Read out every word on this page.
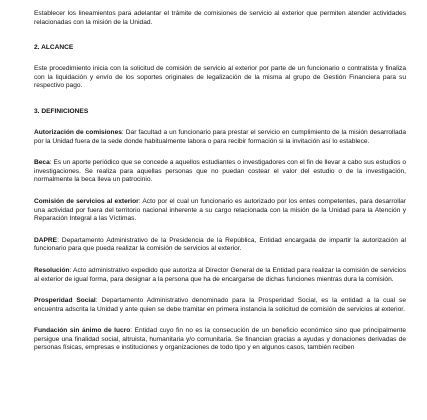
Establecer los lineamientos para adelantar el trámite de comisiones de servicio al exterior que permiten atender actividades relacionadas con la misión de la Unidad.

2. ALCANCE

Este procedimiento inicia con la solicitud de comisión de servicio al exterior por parte de un funcionario o contratista y finaliza con la liquidación y envío de los soportes originales de legalización de la misma al grupo de Gestión Financiera para su respectivo pago.

3. DEFINICIONES

Autorización de comisiones: Dar facultad a un funcionario para prestar el servicio en cumplimiento de la misión desarrollada por la Unidad fuera de la sede donde habitualmente labora o para recibir formación si la invitación así lo establece.

Beca: Es un aporte periódico que se concede a aquellos estudiantes o investigadores con el fin de llevar a cabo sus estudios o investigaciones. Se realiza para aquellas personas que no puedan costear el valor del estudio o de la investigación, normalmente la beca lleva un patrocinio.

Comisión de servicios al exterior: Acto por el cual un funcionario es autorizado por los entes competentes, para desarrollar una actividad por fuera del territorio nacional inherente a su cargo relacionada con la misión de la Unidad para la Atención y Reparación Integral a las Víctimas.

DAPRE: Departamento Administrativo de la Presidencia de la República, Entidad encargada de impartir la autorización al funcionario para que pueda realizar la comisión de servicios al exterior.

Resolución: Acto administrativo expedido que autoriza al Director General de la Entidad para realizar la comisión de servicios al exterior de igual forma, para designar a la persona que ha de encargarse de dichas funciones mientras dura la comisión.

Prosperidad Social: Departamento Administrativo denominado para la Prosperidad Social, es la entidad a la cual se encuentra adscrita la Unidad y ante quien se debe tramitar en primera instancia la solicitud de comisión de servicios al exterior.

Fundación sin ánimo de lucro: Entidad cuyo fin no es la consecución de un beneficio económico sino que principalmente persigue una finalidad social, altruista, humanitaria y/o comunitaria. Se financian gracias a ayudas y donaciones derivadas de personas físicas, empresas e instituciones y organizaciones de todo tipo y en algunos casos, también reciben
